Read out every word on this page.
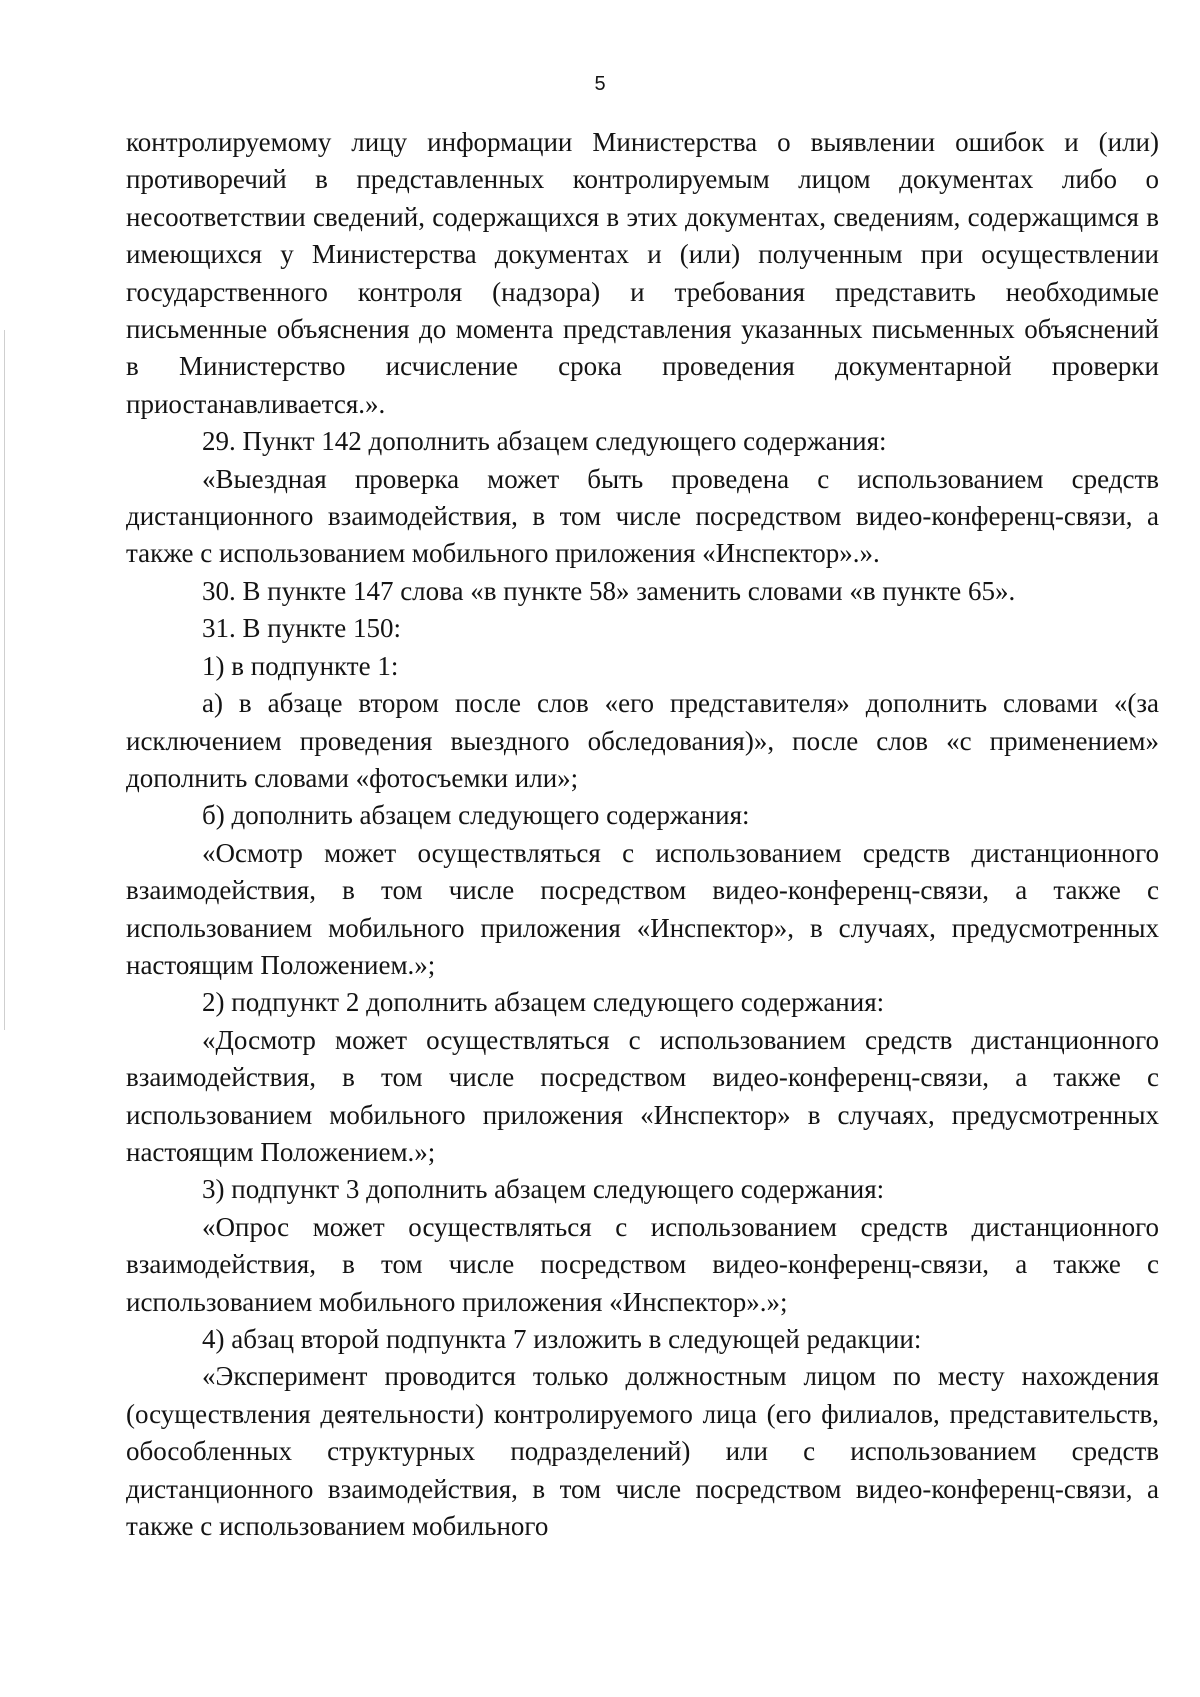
5

контролируемому лицу информации Министерства о выявлении ошибок и (или) противоречий в представленных контролируемым лицом документах либо о несоответствии сведений, содержащихся в этих документах, сведениям, содержащимся в имеющихся у Министерства документах и (или) полученным при осуществлении государственного контроля (надзора) и требования представить необходимые письменные объяснения до момента представления указанных письменных объяснений в Министерство исчисление срока проведения документарной проверки приостанавливается.».

29. Пункт 142 дополнить абзацем следующего содержания:

«Выездная проверка может быть проведена с использованием средств дистанционного взаимодействия, в том числе посредством видео-конференц-связи, а также с использованием мобильного приложения «Инспектор».».

30. В пункте 147 слова «в пункте 58» заменить словами «в пункте 65».

31. В пункте 150:

1) в подпункте 1:

а) в абзаце втором после слов «его представителя» дополнить словами «(за исключением проведения выездного обследования)», после слов «с применением» дополнить словами «фотосъемки или»;

б) дополнить абзацем следующего содержания:

«Осмотр может осуществляться с использованием средств дистанционного взаимодействия, в том числе посредством видео-конференц-связи, а также с использованием мобильного приложения «Инспектор», в случаях, предусмотренных настоящим Положением.»;

2) подпункт 2 дополнить абзацем следующего содержания:

«Досмотр может осуществляться с использованием средств дистанционного взаимодействия, в том числе посредством видео-конференц-связи, а также с использованием мобильного приложения «Инспектор» в случаях, предусмотренных настоящим Положением.»;

3) подпункт 3 дополнить абзацем следующего содержания:

«Опрос может осуществляться с использованием средств дистанционного взаимодействия, в том числе посредством видео-конференц-связи, а также с использованием мобильного приложения «Инспектор».»;

4) абзац второй подпункта 7 изложить в следующей редакции:

«Эксперимент проводится только должностным лицом по месту нахождения (осуществления деятельности) контролируемого лица (его филиалов, представительств, обособленных структурных подразделений) или с использованием средств дистанционного взаимодействия, в том числе посредством видео-конференц-связи, а также с использованием мобильного
